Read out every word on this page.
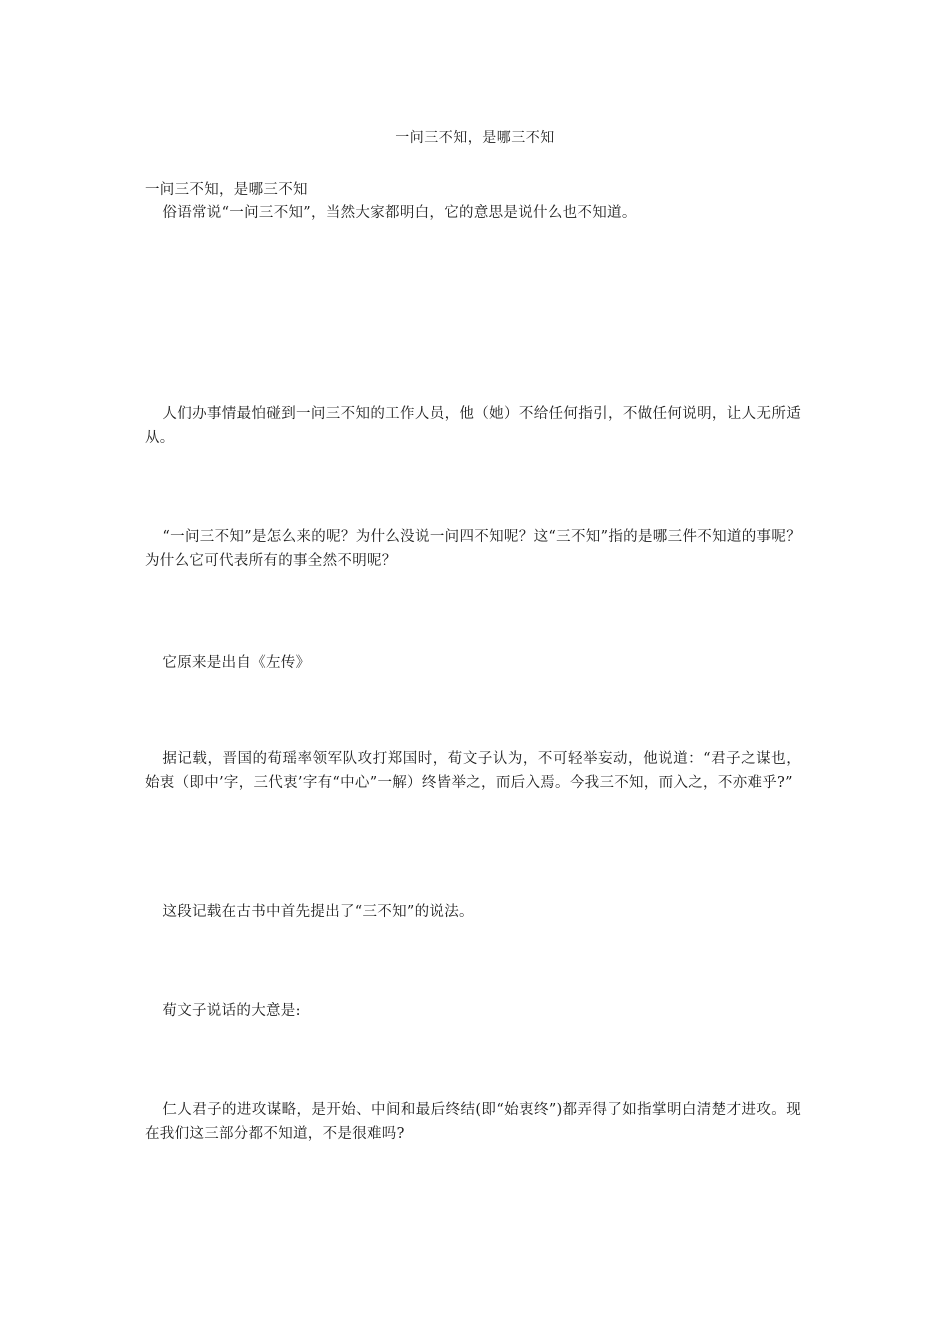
一问三不知，是哪三不知

一问三不知，是哪三不知

俗语常说“一问三不知”，当然大家都明白，它的意思是说什么也不知道。

人们办事情最怕碰到一问三不知的工作人员，他（她）不给任何指引，不做任何说明，让人无所适从。

“一问三不知”是怎么来的呢？为什么没说一问四不知呢？这“三不知”指的是哪三件不知道的事呢？为什么它可代表所有的事全然不明呢？

它原来是出自《左传》

据记载，晋国的荀瑶率领军队攻打郑国时，荀文子认为，不可轻举妄动，他说道：“君子之谋也，始衷（即中’字，三代衷’字有“中心”一解）终皆举之，而后入焉。今我三不知，而入之，不亦难乎?”

这段记载在古书中首先提出了“三不知”的说法。

荀文子说话的大意是:

仁人君子的进攻谋略，是开始、中间和最后终结(即“始衷终”)都弄得了如指掌明白清楚才进攻。现在我们这三部分都不知道，不是很难吗?
